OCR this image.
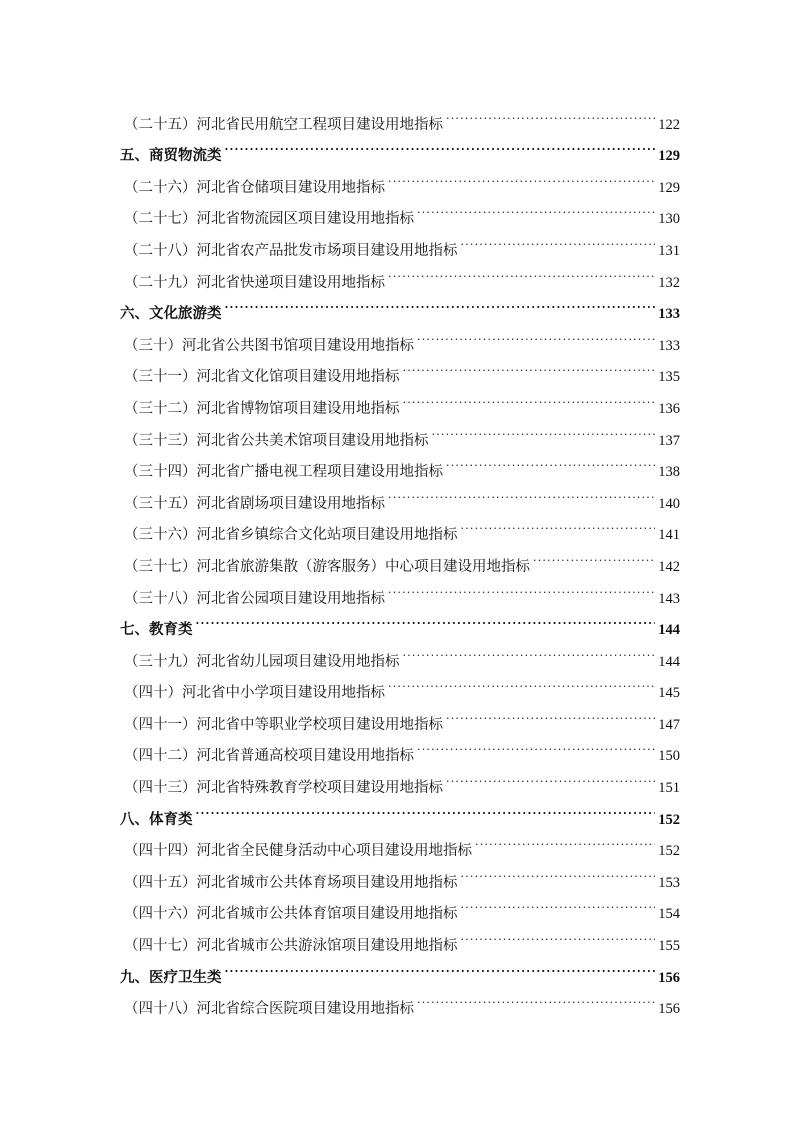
（二十五）河北省民用航空工程项目建设用地指标 .....	122
五、商贸物流类 .....	129
（二十六）河北省仓储项目建设用地指标 .....	129
（二十七）河北省物流园区项目建设用地指标 .....	130
（二十八）河北省农产品批发市场项目建设用地指标 .....	131
（二十九）河北省快递项目建设用地指标 .....	132
六、文化旅游类 .....	133
（三十）河北省公共图书馆项目建设用地指标 .....	133
（三十一）河北省文化馆项目建设用地指标 .....	135
（三十二）河北省博物馆项目建设用地指标 .....	136
（三十三）河北省公共美术馆项目建设用地指标 .....	137
（三十四）河北省广播电视工程项目建设用地指标 .....	138
（三十五）河北省剧场项目建设用地指标 .....	140
（三十六）河北省乡镇综合文化站项目建设用地指标 .....	141
（三十七）河北省旅游集散（游客服务）中心项目建设用地指标 .....	142
（三十八）河北省公园项目建设用地指标 .....	143
七、教育类 .....	144
（三十九）河北省幼儿园项目建设用地指标 .....	144
（四十）河北省中小学项目建设用地指标 .....	145
（四十一）河北省中等职业学校项目建设用地指标 .....	147
（四十二）河北省普通高校项目建设用地指标 .....	150
（四十三）河北省特殊教育学校项目建设用地指标 .....	151
八、体育类 .....	152
（四十四）河北省全民健身活动中心项目建设用地指标 .....	152
（四十五）河北省城市公共体育场项目建设用地指标 .....	153
（四十六）河北省城市公共体育馆项目建设用地指标 .....	154
（四十七）河北省城市公共游泳馆项目建设用地指标 .....	155
九、医疗卫生类 .....	156
（四十八）河北省综合医院项目建设用地指标 .....	156
